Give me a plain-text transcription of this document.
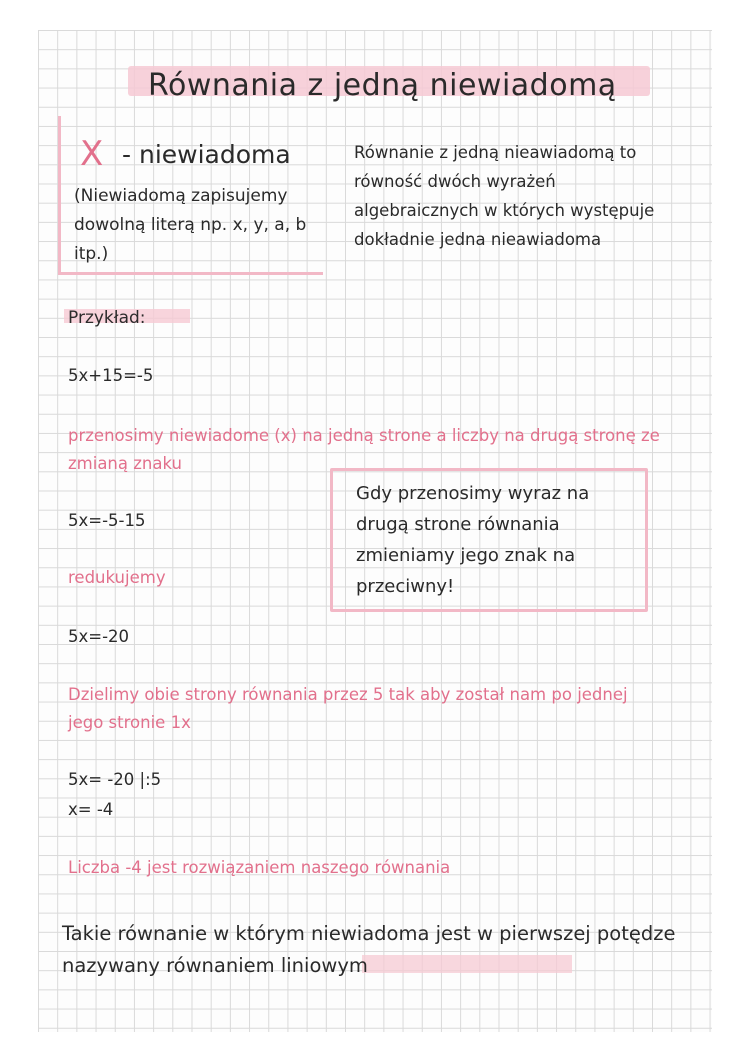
Równania z jedną niewiadomą
X - niewiadoma
(Niewiadomą zapisujemy dowolną literą np. x, y, a, b itp.)
Równanie z jedną nieawiadomą to równość dwóch wyrażeń algebraicznych w których występuje dokładnie jedna nieawiadoma
Przykład:
5x+15=-5
przenosimy niewiadome (x) na jedną strone a liczby na drugą stronę ze zmianą znaku
5x=-5-15
redukujemy
5x=-20
Dzielimy obie strony równania przez 5 tak aby został nam po jednej jego stronie 1x
5x= -20 |:5
x= -4
Liczba -4 jest rozwiązaniem naszego równania
Gdy przenosimy wyraz na drugą strone równania zmieniamy jego znak na przeciwny!
Takie równanie w którym niewiadoma jest w pierwszej potędze nazywany równaniem liniowym
